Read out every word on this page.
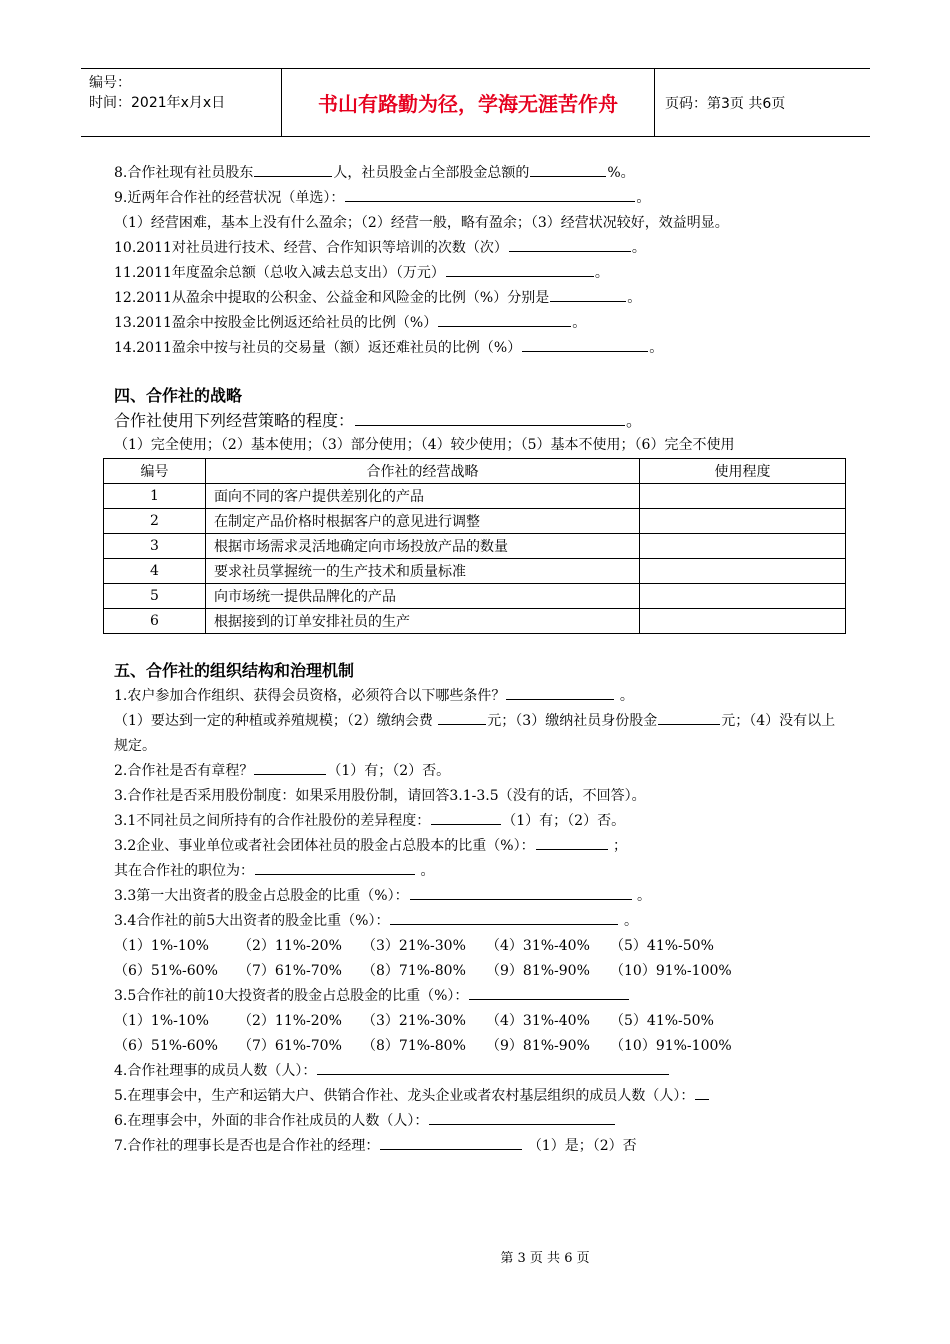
编号：
时间：2021年x月x日	书山有路勤为径，学海无涯苦作舟	页码：第3页 共6页
8.合作社现有社员股东	人，社员股金占全部股金总额的	%。
9.近两年合作社的经营状况（单选）：	。
（1）经营困难，基本上没有什么盈余；（2）经营一般，略有盈余；（3）经营状况较好，效益明显。
10.2011对社员进行技术、经营、合作知识等培训的次数（次）	。
11.2011年度盈余总额（总收入减去总支出）（万元）	。
12.2011从盈余中提取的公积金、公益金和风险金的比例（%）分别是	。
13.2011盈余中按股金比例返还给社员的比例（%）	。
14.2011盈余中按与社员的交易量（额）返还难社员的比例（%）	。
四、合作社的战略
合作社使用下列经营策略的程度：	。
（1）完全使用；（2）基本使用；（3）部分使用；（4）较少使用；（5）基本不使用；（6）完全不使用
编号	合作社的经营战略	使用程度
1	面向不同的客户提供差别化的产品	
2	在制定产品价格时根据客户的意见进行调整	
3	根据市场需求灵活地确定向市场投放产品的数量	
4	要求社员掌握统一的生产技术和质量标准	
5	向市场统一提供品牌化的产品	
6	根据接到的订单安排社员的生产	
五、合作社的组织结构和治理机制
1.农户参加合作组织、获得会员资格，必须符合以下哪些条件？	。
（1）要达到一定的种植或养殖规模；（2）缴纳会费	元；（3）缴纳社员身份股金	元；（4）没有以上规定。
2.合作社是否有章程？	（1）有；（2）否。
3.合作社是否采用股份制度：如果采用股份制，请回答3.1-3.5（没有的话，不回答）。
3.1不同社员之间所持有的合作社股份的差异程度：	（1）有；（2）否。
3.2企业、事业单位或者社会团体社员的股金占总股本的比重（%）：	；
其在合作社的职位为：	。
3.3第一大出资者的股金占总股金的比重（%）：	。
3.4合作社的前5大出资者的股金比重（%）：	。
（1）1%-10% （2）11%-20% （3）21%-30% （4）31%-40% （5）41%-50%
（6）51%-60% （7）61%-70% （8）71%-80% （9）81%-90% （10）91%-100%
3.5合作社的前10大投资者的股金占总股金的比重（%）：
（1）1%-10% （2）11%-20% （3）21%-30% （4）31%-40% （5）41%-50%
（6）51%-60% （7）61%-70% （8）71%-80% （9）81%-90% （10）91%-100%
4.合作社理事的成员人数（人）：
5.在理事会中，生产和运销大户、供销合作社、龙头企业或者农村基层组织的成员人数（人）：
6.在理事会中，外面的非合作社成员的人数（人）：
7.合作社的理事长是否也是合作社的经理：	（1）是；（2）否
第 3 页 共 6 页
